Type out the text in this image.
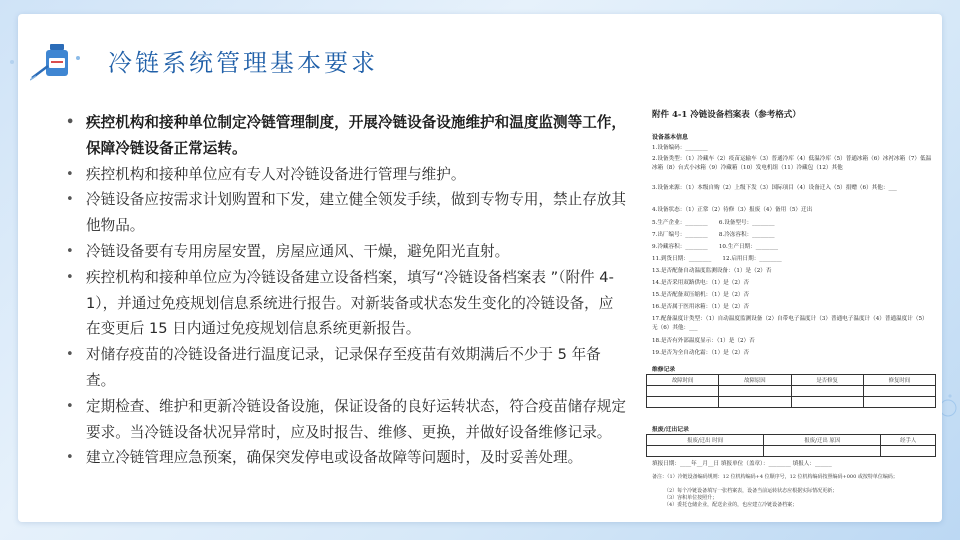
冷链系统管理基本要求
• 疾控机构和接种单位制定冷链管理制度，开展冷链设备设施维护和温度监测等工作，保障冷链设备正常运转。
• 疾控机构和接种单位应有专人对冷链设备进行管理与维护。
• 冷链设备应按需求计划购置和下发，建立健全领发手续，做到专物专用，禁止存放其他物品。
• 冷链设备要有专用房屋安置，房屋应通风、干燥，避免阳光直射。
• 疾控机构和接种单位应为冷链设备建立设备档案，填写“冷链设备档案表 ”（附件 4-1），并通过免疫规划信息系统进行报告。对新装备或状态发生变化的冷链设备，应在变更后 15 日内通过免疫规划信息系统更新报告。
• 对储存疫苗的冷链设备进行温度记录，记录保存至疫苗有效期满后不少于 5 年备查。
• 定期检查、维护和更新冷链设备设施，保证设备的良好运转状态，符合疫苗储存规定要求。当冷链设备状况异常时，应及时报告、维修、更换，并做好设备维修记录。
• 建立冷链管理应急预案，确保突发停电或设备故障等问题时，及时妥善处理。
附件 4-1 冷链设备档案表（参考格式）
设备基本信息
1.设备编码：________
2.设备类型：（1）冷藏车（2）疫苗运输车（3）普通冷库（4）低温冷库（5）普通冰箱（6）冰衬冰箱（7）低温冰箱（8）台式小冰箱（9）冷藏箱（10）发电机组（11）冷藏包（12）其他
3.设备来源：（1）本级自购（2）上级下发（3）国际项目（4）设备迁入（5）捐赠（6）其他：___
4.设备状态：（1）正常（2）待修（3）报废（4）备用（5）迁出
5.生产企业：________　　6.设备型号：________
7.出厂编号：________　　8.冷冻容积：________
9.冷藏容积：________　　10.生产日期：________
11.到货日期：________　　12.启用日期：________
13.是否配备自动温度监测设备：（1）是（2）否
14.是否采用双路供电：（1）是（2）否
15.是否配备双压缩机：（1）是（2）否
16.是否属于医用冰箱：（1）是（2）否
17.配备温度计类型：（1）自动温度监测设备（2）自带电子温度计（3）普通电子温度计（4）普通温度计（5）无（6）其他：___
18.是否有外部温度显示：（1）是（2）否
19.是否为全自动化霜：（1）是（2）否
维修记录
故障时间	故障原因	是否修复	修复时间

报废/迁出记录
报废/迁出 时间	报废/迁出 原因	经手人

填报日期：____年__月__日 填报单位（盖章）：________ 填报人：______
备注：（1）冷链设备编码规则：12 位机构编码+4 位顺序号，12 位机构编码按照编码+000 或按特单位编码；
（2）每个冷链设备填写一张档案表，设备当前运转状态应根据实际情况更新；
（3）容积单位按照升；
（4）委托仓储企业，配送企业的，也应建立冷链设备档案；
